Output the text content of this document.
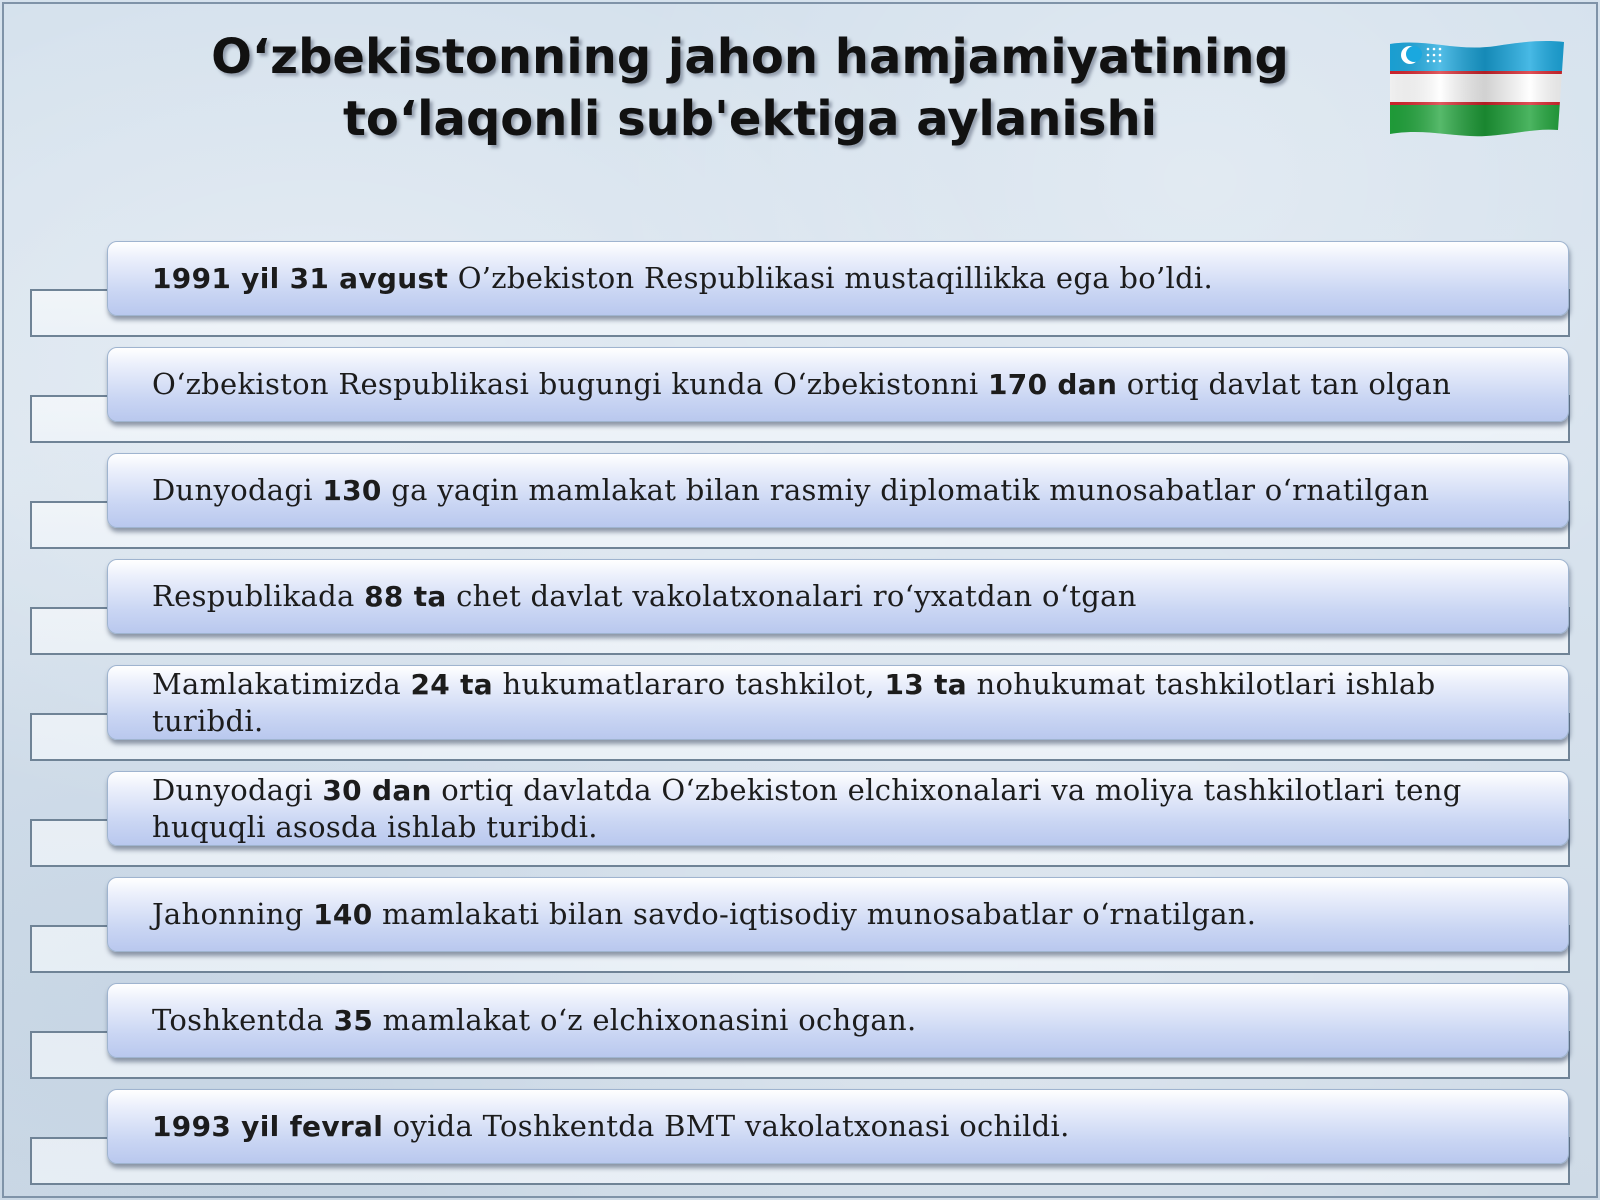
O‘zbekistonning jahon hamjamiyatining
to‘laqonli sub'ektiga aylanishi
1991 yil 31 avgust O’zbekiston Respublikasi mustaqillikka ega bo’ldi.
O‘zbekiston Respublikasi bugungi kunda O‘zbekistonni 170 dan ortiq davlat tan olgan
Dunyodagi 130 ga yaqin mamlakat bilan rasmiy diplomatik munosabatlar o‘rnatilgan
Respublikada 88 ta chet davlat vakolatxonalari ro‘yxatdan o‘tgan
Mamlakatimizda 24 ta hukumatlararo tashkilot, 13 ta nohukumat tashkilotlari ishlab turibdi.
Dunyodagi 30 dan ortiq davlatda O‘zbekiston elchixonalari va moliya tashkilotlari teng huquqli asosda ishlab turibdi.
Jahonning 140 mamlakati bilan savdo-iqtisodiy munosabatlar o‘rnatilgan.
Toshkentda 35 mamlakat o‘z elchixonasini ochgan.
1993 yil fevral oyida Toshkentda BMT vakolatxonasi ochildi.
